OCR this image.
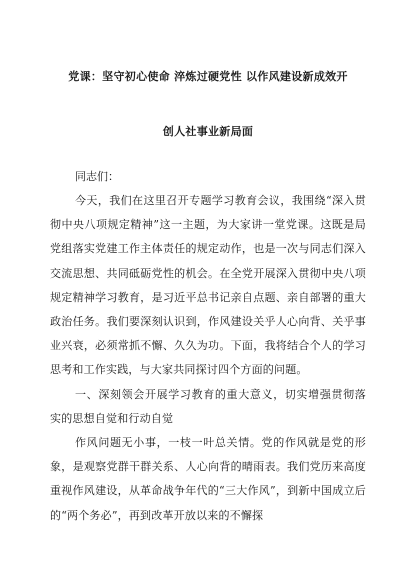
党课：坚守初心使命 淬炼过硬党性 以作风建设新成效开
创人社事业新局面

同志们：

今天，我们在这里召开专题学习教育会议，我围绕“深入贯彻中央八项规定精神”这一主题，为大家讲一堂党课。这既是局党组落实党建工作主体责任的规定动作，也是一次与同志们深入交流思想、共同砥砺党性的机会。在全党开展深入贯彻中央八项规定精神学习教育，是习近平总书记亲自点题、亲自部署的重大政治任务。我们要深刻认识到，作风建设关乎人心向背、关乎事业兴衰，必须常抓不懈、久久为功。下面，我将结合个人的学习思考和工作实践，与大家共同探讨四个方面的问题。

一、深刻领会开展学习教育的重大意义，切实增强贯彻落实的思想自觉和行动自觉

作风问题无小事，一枝一叶总关情。党的作风就是党的形象，是观察党群干群关系、人心向背的晴雨表。我们党历来高度重视作风建设，从革命战争年代的“三大作风”，到新中国成立后的“两个务必”，再到改革开放以来的不懈探
